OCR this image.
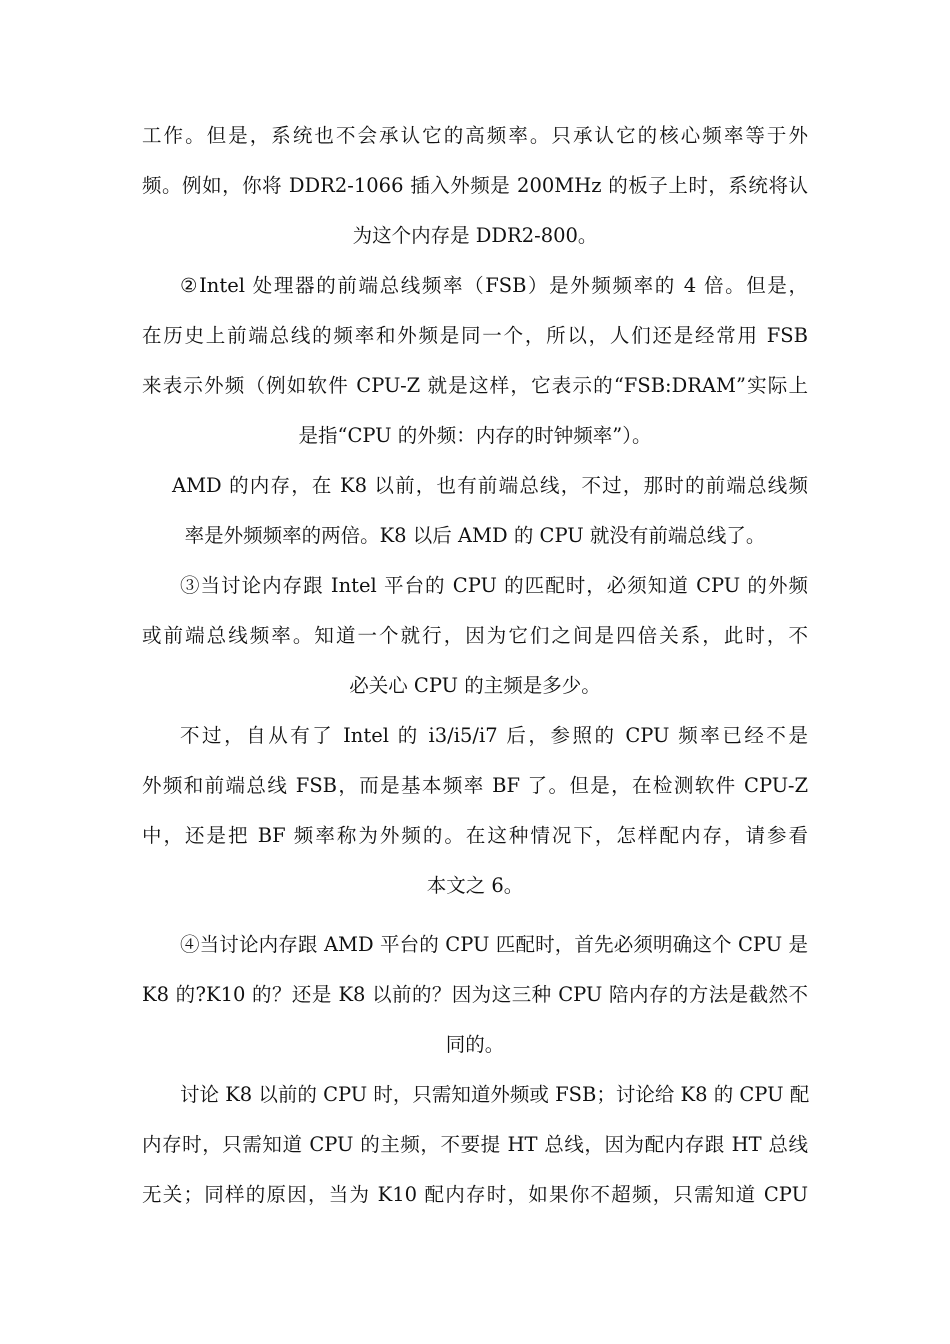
工作。但是，系统也不会承认它的高频率。只承认它的核心频率等于外
频。例如，你将 DDR2-1066 插入外频是 200MHz 的板子上时，系统将认
为这个内存是 DDR2-800。
②Intel 处理器的前端总线频率（FSB）是外频频率的 4 倍。但是，
在历史上前端总线的频率和外频是同一个，所以，人们还是经常用 FSB
来表示外频（例如软件 CPU-Z 就是这样，它表示的“FSB:DRAM”实际上
是指“CPU 的外频：内存的时钟频率”）。
AMD 的内存，在 K8 以前，也有前端总线，不过，那时的前端总线频
率是外频频率的两倍。K8 以后 AMD 的 CPU 就没有前端总线了。
③当讨论内存跟 Intel 平台的 CPU 的匹配时，必须知道 CPU 的外频
或前端总线频率。知道一个就行，因为它们之间是四倍关系，此时，不
必关心 CPU 的主频是多少。
不过，自从有了 Intel 的 i3/i5/i7 后，参照的 CPU 频率已经不是
外频和前端总线 FSB，而是基本频率 BF 了。但是，在检测软件 CPU-Z
中，还是把 BF 频率称为外频的。在这种情况下，怎样配内存，请参看
本文之 6。
④当讨论内存跟 AMD 平台的 CPU 匹配时，首先必须明确这个 CPU 是
K8 的?K10 的？还是 K8 以前的？因为这三种 CPU 陪内存的方法是截然不
同的。
讨论 K8 以前的 CPU 时，只需知道外频或 FSB；讨论给 K8 的 CPU 配
内存时，只需知道 CPU 的主频，不要提 HT 总线，因为配内存跟 HT 总线
无关；同样的原因，当为 K10 配内存时，如果你不超频，只需知道 CPU
